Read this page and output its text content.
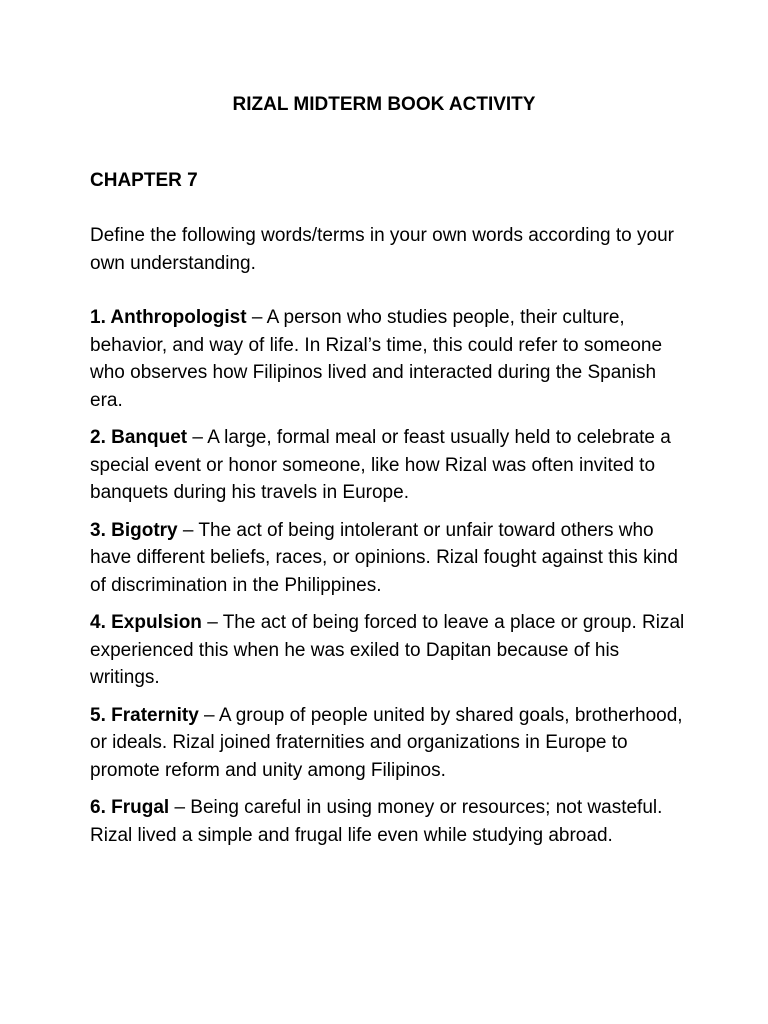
RIZAL MIDTERM BOOK ACTIVITY
CHAPTER 7
Define the following words/terms in your own words according to your own understanding.

1. Anthropologist – A person who studies people, their culture, behavior, and way of life. In Rizal’s time, this could refer to someone who observes how Filipinos lived and interacted during the Spanish era.

2. Banquet – A large, formal meal or feast usually held to celebrate a special event or honor someone, like how Rizal was often invited to banquets during his travels in Europe.

3. Bigotry – The act of being intolerant or unfair toward others who have different beliefs, races, or opinions. Rizal fought against this kind of discrimination in the Philippines.

4. Expulsion – The act of being forced to leave a place or group. Rizal experienced this when he was exiled to Dapitan because of his writings.

5. Fraternity – A group of people united by shared goals, brotherhood, or ideals. Rizal joined fraternities and organizations in Europe to promote reform and unity among Filipinos.

6. Frugal – Being careful in using money or resources; not wasteful. Rizal lived a simple and frugal life even while studying abroad.
